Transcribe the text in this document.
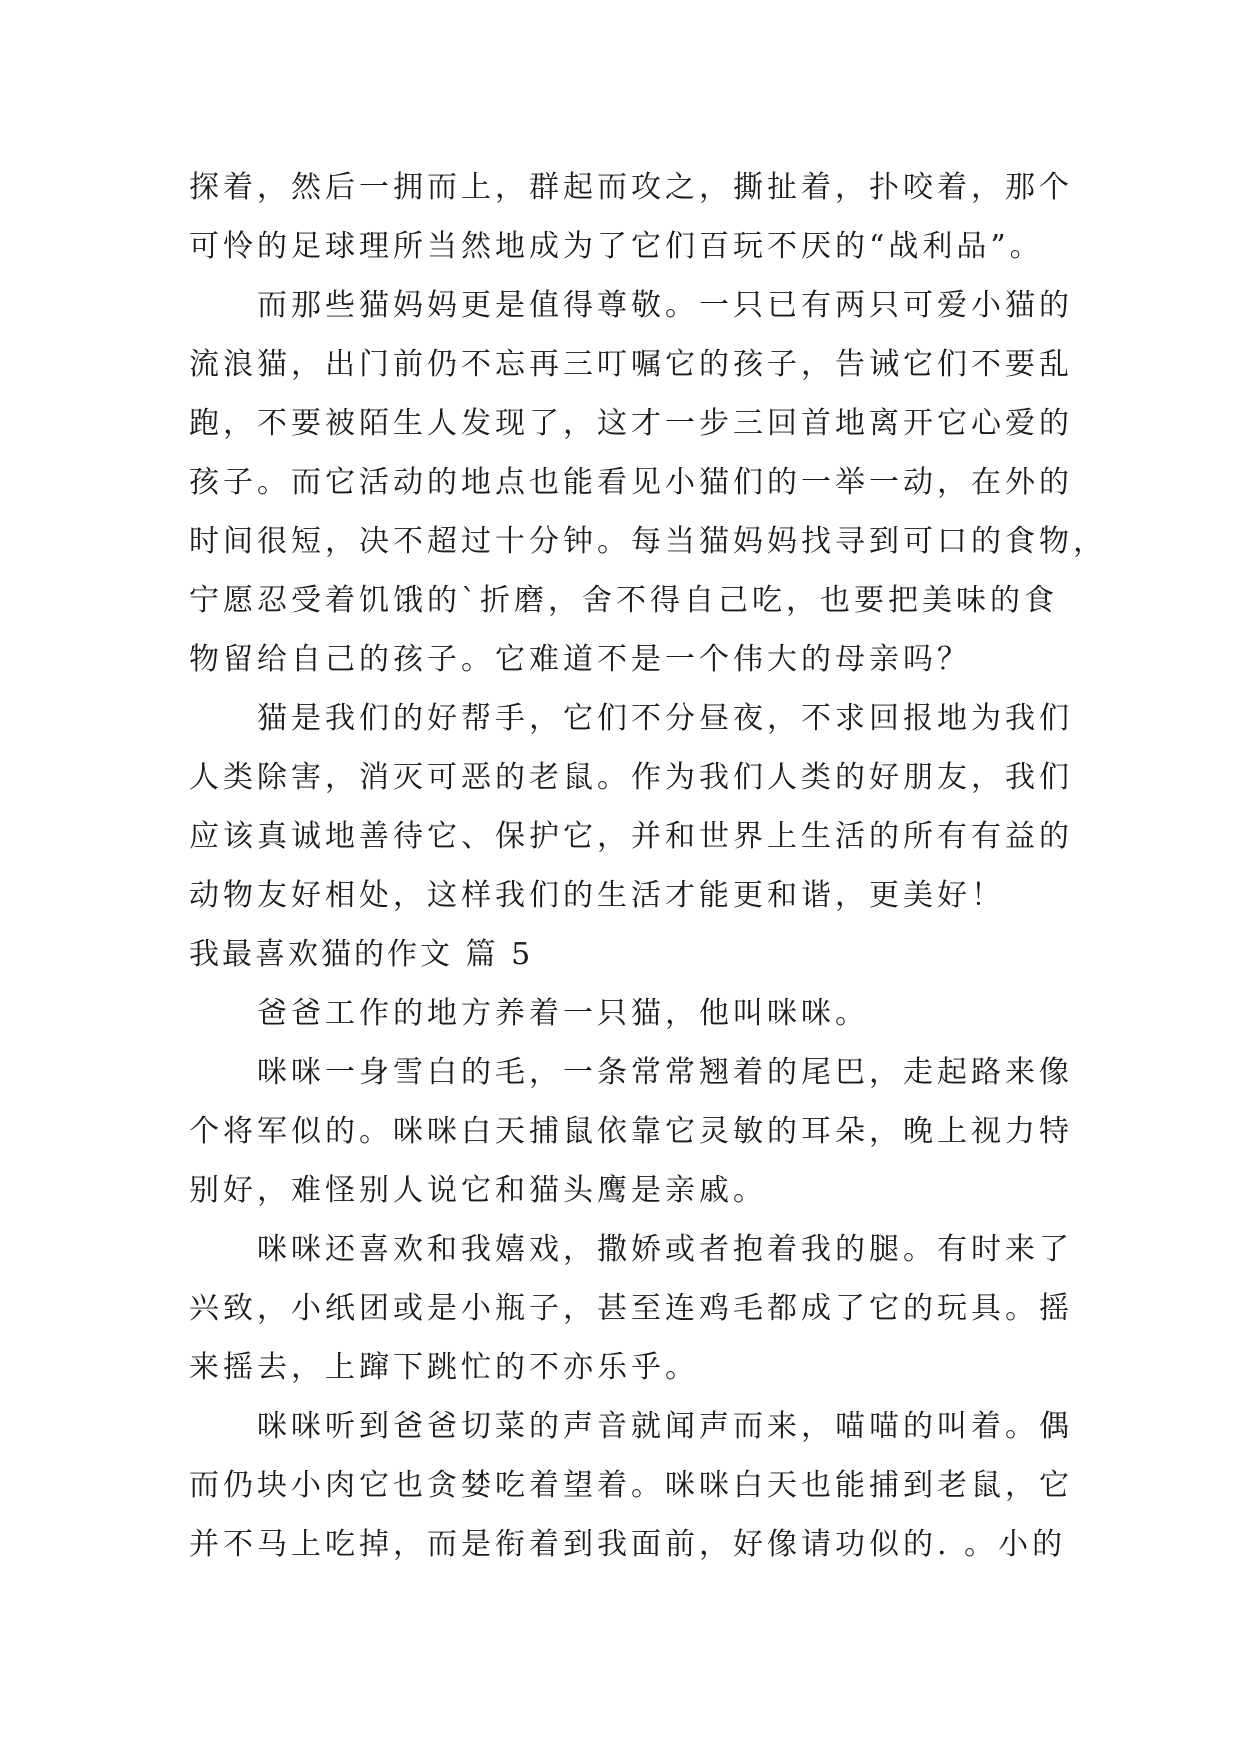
探着，然后一拥而上，群起而攻之，撕扯着，扑咬着，那个
可怜的足球理所当然地成为了它们百玩不厌的“战利品”。
而那些猫妈妈更是值得尊敬。一只已有两只可爱小猫的
流浪猫，出门前仍不忘再三叮嘱它的孩子，告诫它们不要乱
跑，不要被陌生人发现了，这才一步三回首地离开它心爱的
孩子。而它活动的地点也能看见小猫们的一举一动，在外的
时间很短，决不超过十分钟。每当猫妈妈找寻到可口的食物，
宁愿忍受着饥饿的`折磨，舍不得自己吃，也要把美味的食
物留给自己的孩子。它难道不是一个伟大的母亲吗？
猫是我们的好帮手，它们不分昼夜，不求回报地为我们
人类除害，消灭可恶的老鼠。作为我们人类的好朋友，我们
应该真诚地善待它、保护它，并和世界上生活的所有有益的
动物友好相处，这样我们的生活才能更和谐，更美好！
我最喜欢猫的作文 篇 5
爸爸工作的地方养着一只猫，他叫咪咪。
咪咪一身雪白的毛，一条常常翘着的尾巴，走起路来像
个将军似的。咪咪白天捕鼠依靠它灵敏的耳朵，晚上视力特
别好，难怪别人说它和猫头鹰是亲戚。
咪咪还喜欢和我嬉戏，撒娇或者抱着我的腿。有时来了
兴致，小纸团或是小瓶子，甚至连鸡毛都成了它的玩具。摇
来摇去，上蹿下跳忙的不亦乐乎。
咪咪听到爸爸切菜的声音就闻声而来，喵喵的叫着。偶
而仍块小肉它也贪婪吃着望着。咪咪白天也能捕到老鼠，它
并不马上吃掉，而是衔着到我面前，好像请功似的. 。小的
